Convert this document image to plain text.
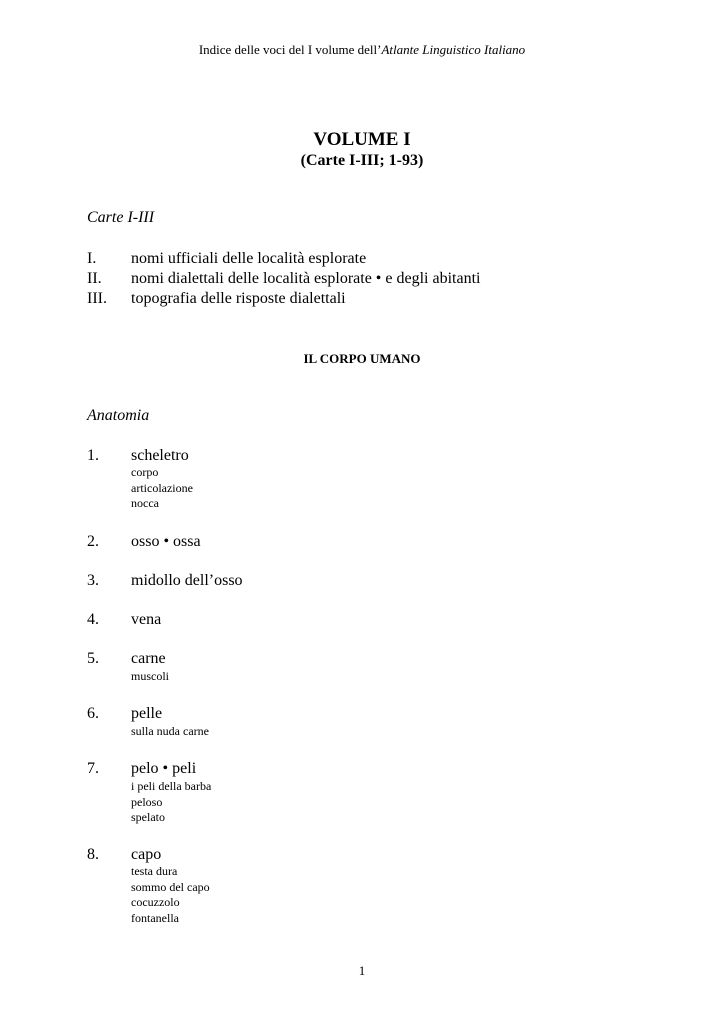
Indice delle voci del I volume dell’Atlante Linguistico Italiano
VOLUME I
(Carte I-III; 1-93)
Carte I-III
I. nomi ufficiali delle località esplorate
II. nomi dialettali delle località esplorate • e degli abitanti
III. topografia delle risposte dialettali
IL CORPO UMANO
Anatomia
1. scheletro
corpo
articolazione
nocca
2. osso • ossa
3. midollo dell’osso
4. vena
5. carne
muscoli
6. pelle
sulla nuda carne
7. pelo • peli
i peli della barba
peloso
spelato
8. capo
testa dura
sommo del capo
cocuzzolo
fontanella
1
